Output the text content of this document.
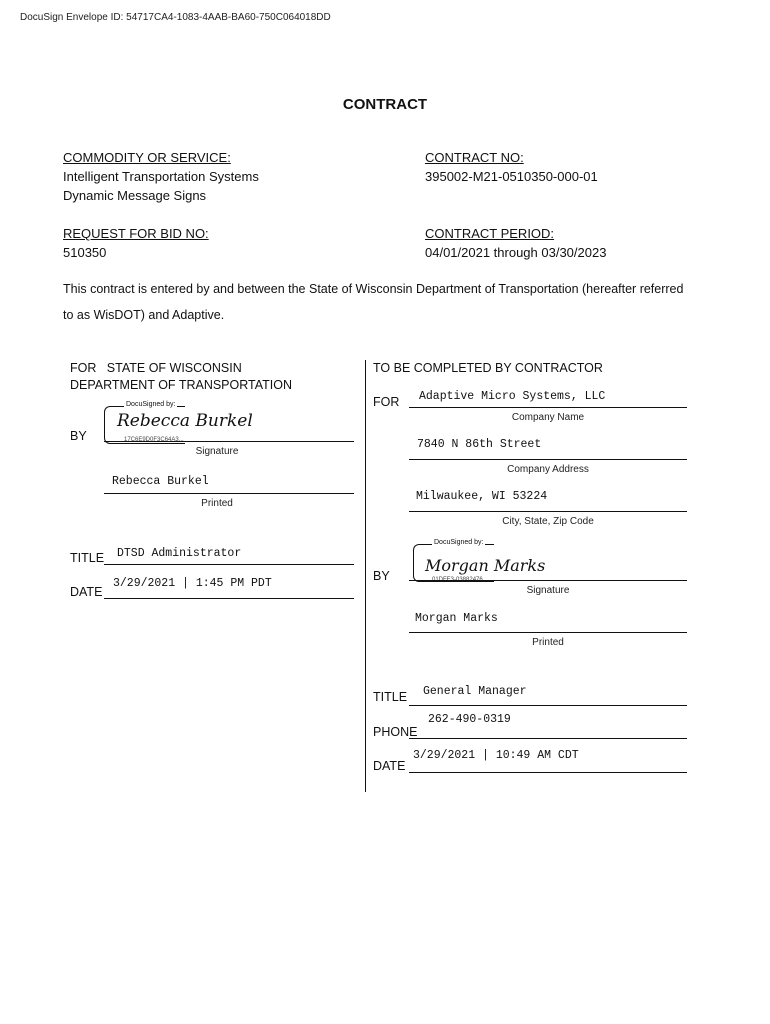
DocuSign Envelope ID: 54717CA4-1083-4AAB-BA60-750C064018DD
CONTRACT
COMMODITY OR SERVICE:
Intelligent Transportation Systems
Dynamic Message Signs
CONTRACT NO:
395002-M21-0510350-000-01
REQUEST FOR BID NO:
510350
CONTRACT PERIOD:
04/01/2021 through 03/30/2023
This contract is entered by and between the State of Wisconsin Department of Transportation (hereafter referred
to as WisDOT) and Adaptive.
FOR   STATE OF WISCONSIN
DEPARTMENT OF TRANSPORTATION
DocuSigned by:
Rebecca Burkel
17C6E9D0F3C64A3...
BY
Signature
Rebecca Burkel
Printed
TITLE DTSD Administrator
DATE
3/29/2021 | 1:45 PM PDT
TO BE COMPLETED BY CONTRACTOR
FOR Adaptive Micro Systems, LLC
Company Name
7840 N 86th Street
Company Address
Milwaukee, WI 53224
City, State, Zip Code
DocuSigned by:
Morgan Marks
01DFE3-03882476...
BY
Signature
Morgan Marks
Printed
TITLE General Manager
PHONE
262-490-0319
DATE
3/29/2021 | 10:49 AM CDT
